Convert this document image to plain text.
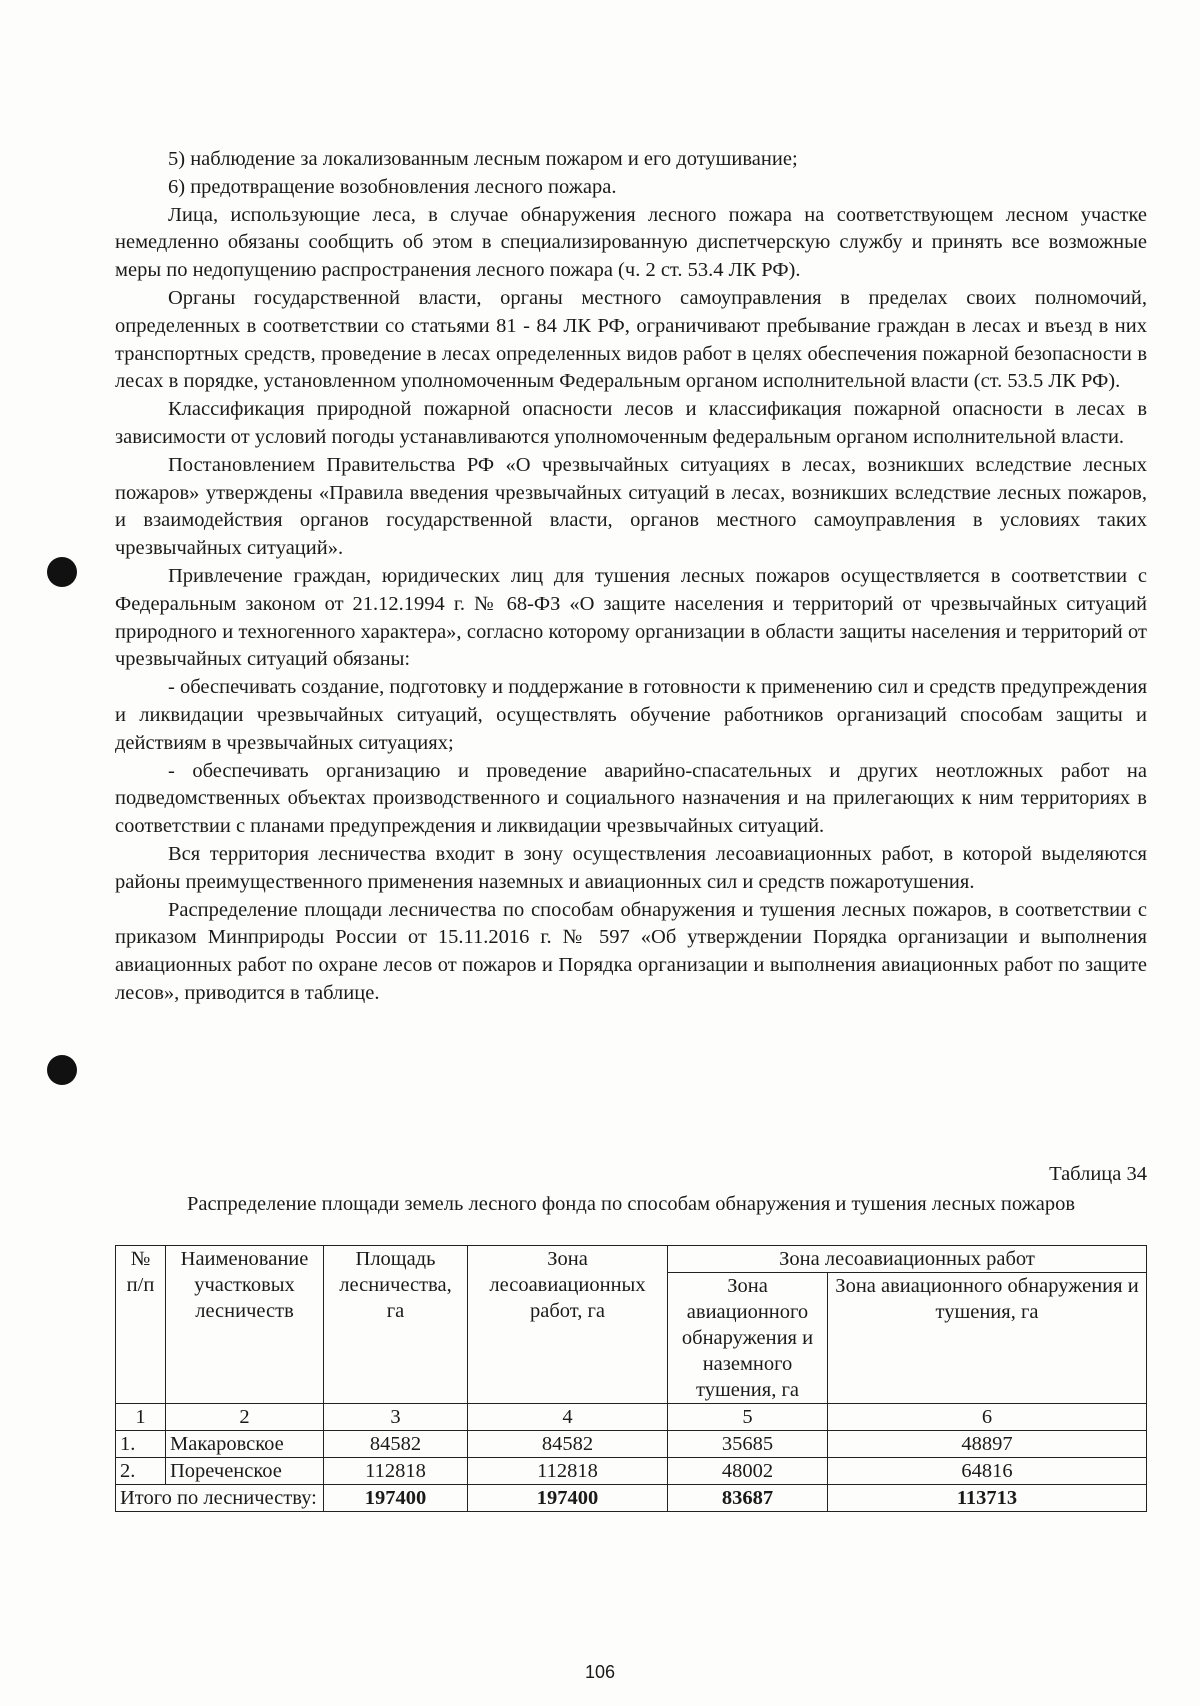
5) наблюдение за локализованным лесным пожаром и его дотушивание;

6) предотвращение возобновления лесного пожара.

Лица, использующие леса, в случае обнаружения лесного пожара на соответствующем лесном участке немедленно обязаны сообщить об этом в специализированную диспетчерскую службу и принять все возможные меры по недопущению распространения лесного пожара (ч. 2 ст. 53.4 ЛК РФ).

Органы государственной власти, органы местного самоуправления в пределах своих полномочий, определенных в соответствии со статьями 81 - 84 ЛК РФ, ограничивают пребывание граждан в лесах и въезд в них транспортных средств, проведение в лесах определенных видов работ в целях обеспечения пожарной безопасности в лесах в порядке, установленном уполномоченным Федеральным органом исполнительной власти (ст. 53.5 ЛК РФ).

Классификация природной пожарной опасности лесов и классификация пожарной опасности в лесах в зависимости от условий погоды устанавливаются уполномоченным федеральным органом исполнительной власти.

Постановлением Правительства РФ «О чрезвычайных ситуациях в лесах, возникших вследствие лесных пожаров» утверждены «Правила введения чрезвычайных ситуаций в лесах, возникших вследствие лесных пожаров, и взаимодействия органов государственной власти, органов местного самоуправления в условиях таких чрезвычайных ситуаций».

Привлечение граждан, юридических лиц для тушения лесных пожаров осуществляется в соответствии с Федеральным законом от 21.12.1994 г. № 68-ФЗ «О защите населения и территорий от чрезвычайных ситуаций природного и техногенного характера», согласно которому организации в области защиты населения и территорий от чрезвычайных ситуаций обязаны:

- обеспечивать создание, подготовку и поддержание в готовности к применению сил и средств предупреждения и ликвидации чрезвычайных ситуаций, осуществлять обучение работников организаций способам защиты и действиям в чрезвычайных ситуациях;

- обеспечивать организацию и проведение аварийно-спасательных и других неотложных работ на подведомственных объектах производственного и социального назначения и на прилегающих к ним территориях в соответствии с планами предупреждения и ликвидации чрезвычайных ситуаций.

Вся территория лесничества входит в зону осуществления лесоавиационных работ, в которой выделяются районы преимущественного применения наземных и авиационных сил и средств пожаротушения.

Распределение площади лесничества по способам обнаружения и тушения лесных пожаров, в соответствии с приказом Минприроды России от 15.11.2016 г. № 597 «Об утверждении Порядка организации и выполнения авиационных работ по охране лесов от пожаров и Порядка организации и выполнения авиационных работ по защите лесов», приводится в таблице.

Таблица 34
Распределение площади земель лесного фонда по способам обнаружения и тушения лесных пожаров
№ п/п	Наименование участковых лесничеств	Площадь лесничества, га	Зона лесоавиационных работ, га	Зона лесоавиационных работ	
				Зона авиационного обнаружения и наземного тушения, га	Зона авиационного обнаружения и тушения, га
1	2	3	4	5	6
1.	Макаровское	84582	84582	35685	48897
2.	Пореченское	112818	112818	48002	64816
Итого по лесничеству:		197400	197400	83687	113713
106
